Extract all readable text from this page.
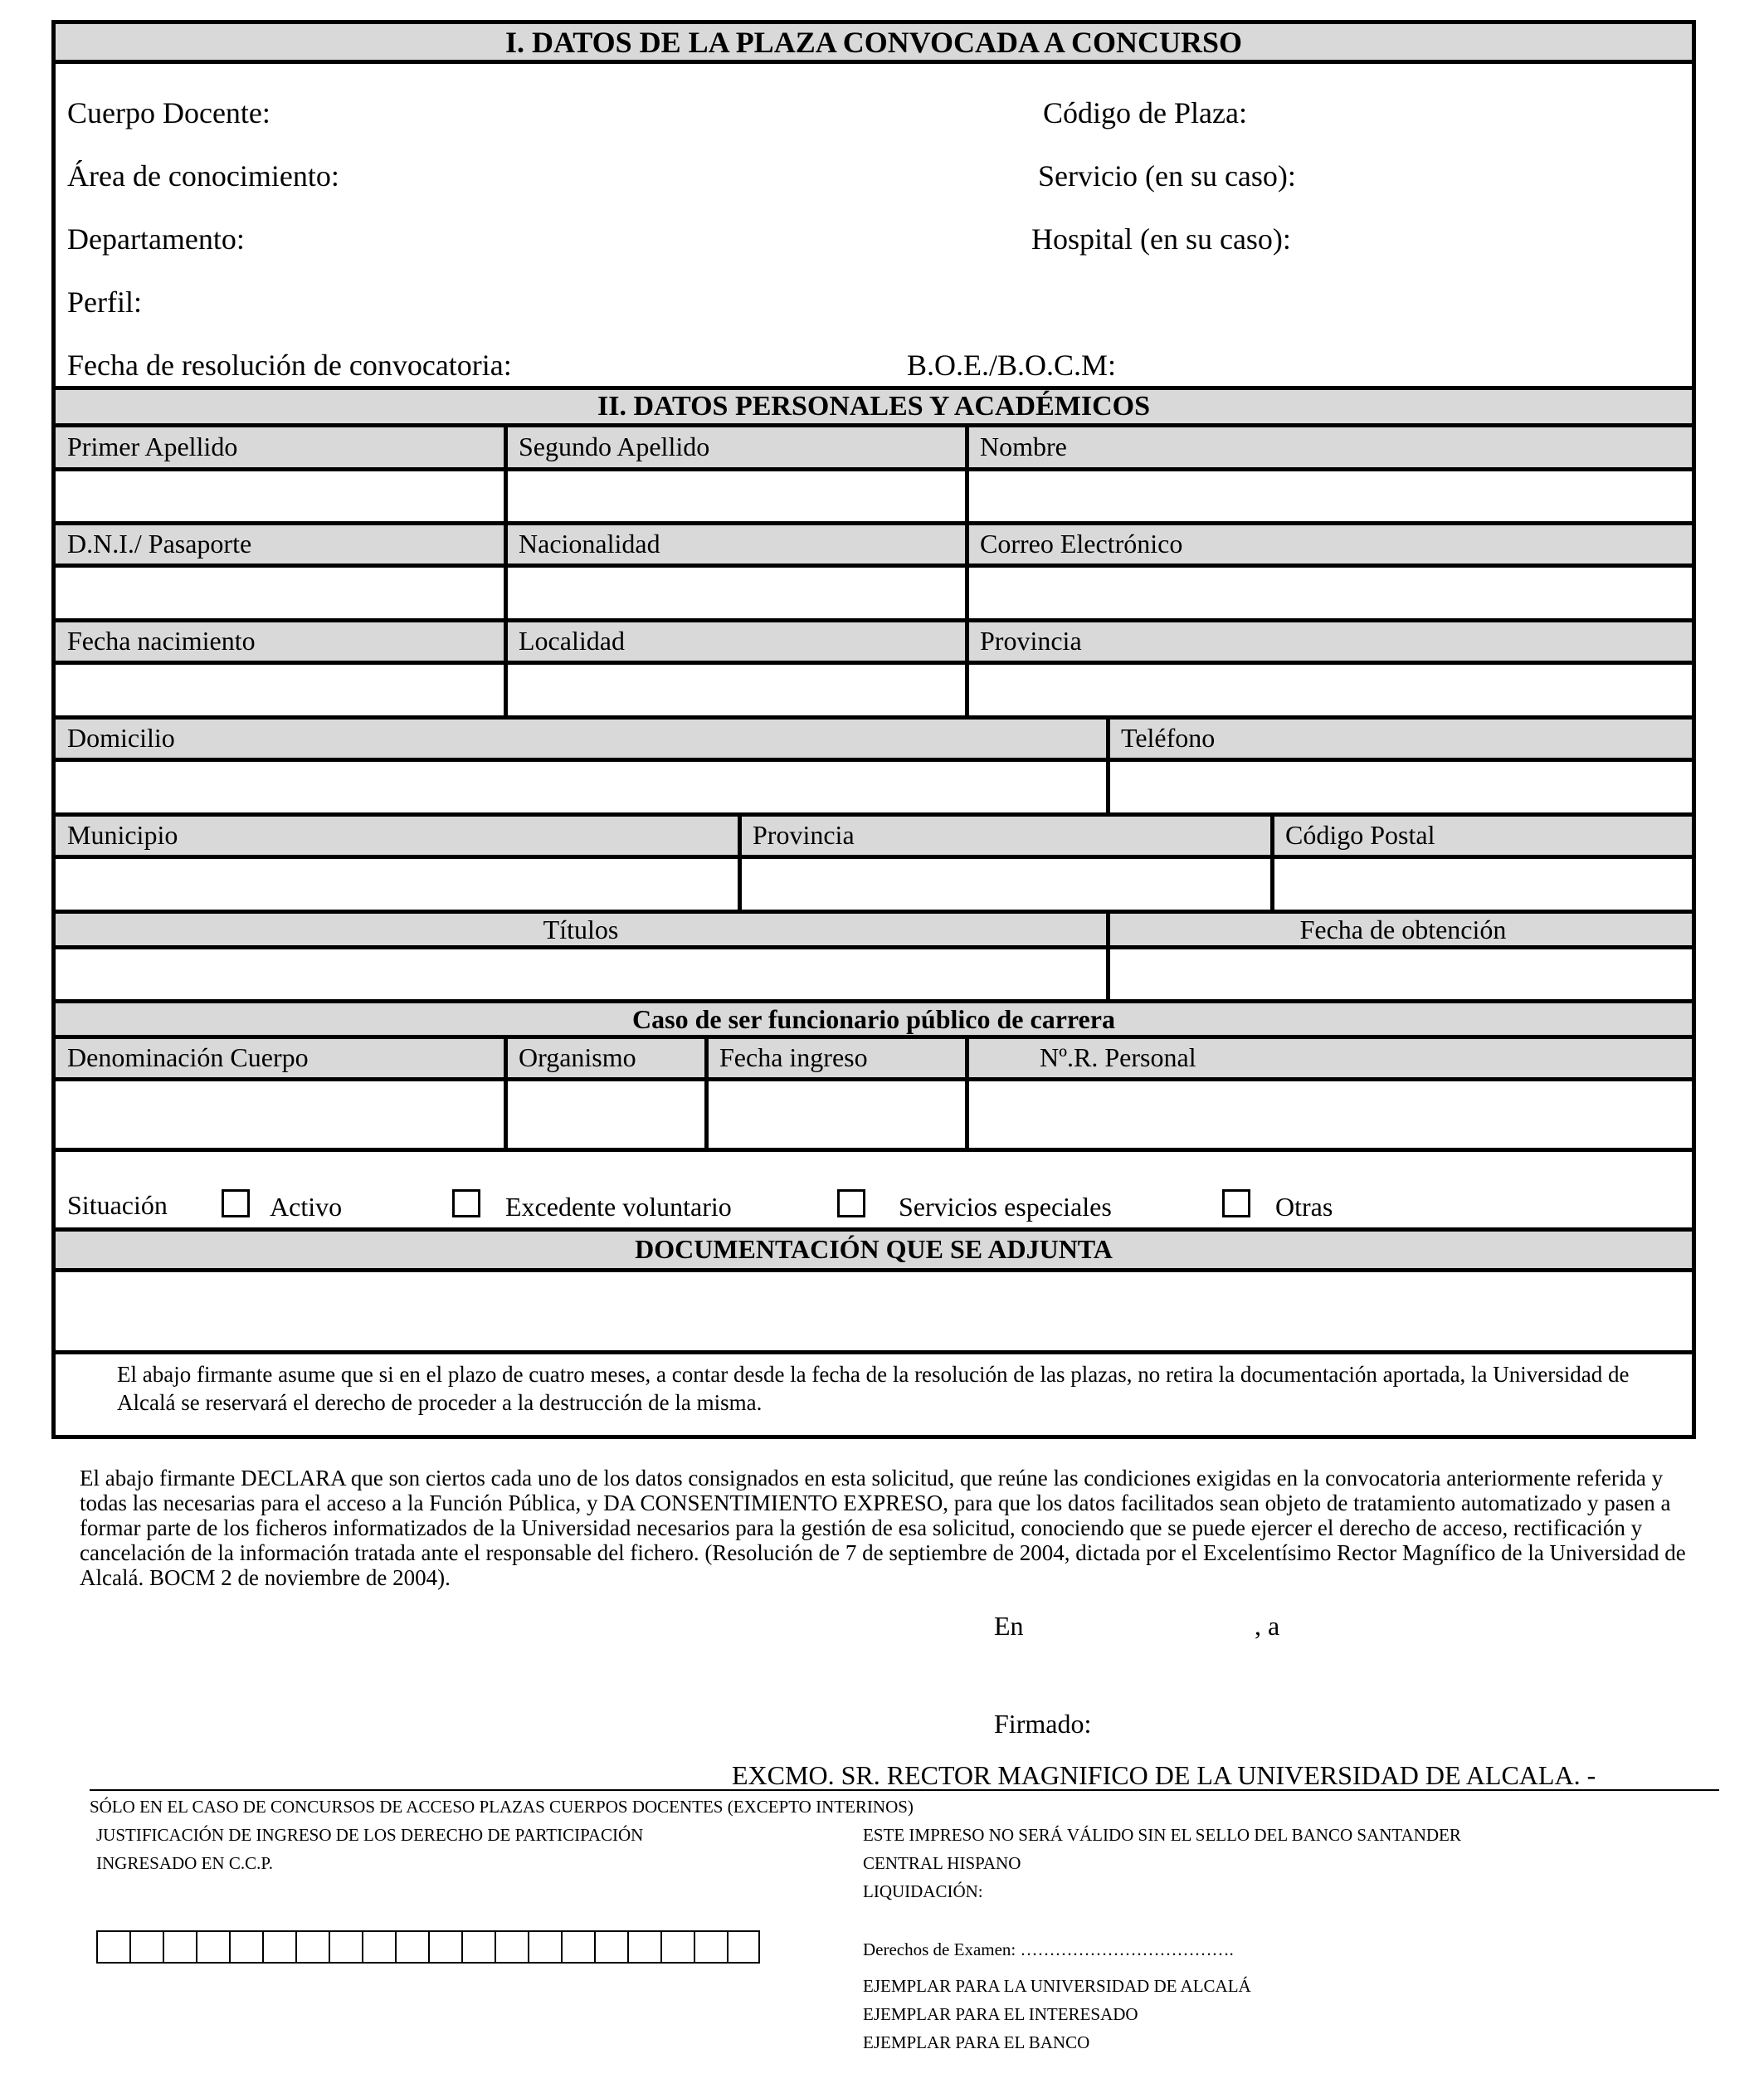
I. DATOS DE LA PLAZA CONVOCADA A CONCURSO
Cuerpo Docente:	Código de Plaza:
Área de conocimiento:	Servicio (en su caso):
Departamento:	Hospital (en su caso):
Perfil:
Fecha de resolución de convocatoria:	B.O.E./B.O.C.M:
II. DATOS PERSONALES Y ACADÉMICOS
Primer Apellido	Segundo Apellido	Nombre
D.N.I./ Pasaporte	Nacionalidad	Correo Electrónico
Fecha nacimiento	Localidad	Provincia
Domicilio	Teléfono
Municipio	Provincia	Código Postal
Títulos	Fecha de obtención
Caso de ser funcionario público de carrera
Denominación Cuerpo	Organismo	Fecha ingreso	Nº.R. Personal
Situación	Activo	Excedente voluntario	Servicios especiales	Otras
DOCUMENTACIÓN QUE SE ADJUNTA
El abajo firmante asume que si en el plazo de cuatro meses, a contar desde la fecha de la resolución de las plazas, no retira la documentación aportada, la Universidad de Alcalá se reservará el derecho de proceder a la destrucción de la misma.
El abajo firmante DECLARA que son ciertos cada uno de los datos consignados en esta solicitud, que reúne las condiciones exigidas en la convocatoria anteriormente referida y todas las necesarias para el acceso a la Función Pública, y DA CONSENTIMIENTO EXPRESO, para que los datos facilitados sean objeto de tratamiento automatizado y pasen a formar parte de los ficheros informatizados de la Universidad necesarios para la gestión de esa solicitud, conociendo que se puede ejercer el derecho de acceso, rectificación y cancelación de la información tratada ante el responsable del fichero. (Resolución de 7 de septiembre de 2004, dictada por el Excelentísimo Rector Magnífico de la Universidad de Alcalá. BOCM 2 de noviembre de 2004).
En	, a
Firmado:
EXCMO. SR. RECTOR MAGNIFICO DE LA UNIVERSIDAD DE ALCALA. -
SÓLO EN EL CASO DE CONCURSOS DE ACCESO PLAZAS CUERPOS DOCENTES (EXCEPTO INTERINOS)
JUSTIFICACIÓN DE INGRESO DE LOS DERECHO DE PARTICIPACIÓN
INGRESADO EN C.C.P.
ESTE IMPRESO NO SERÁ VÁLIDO SIN EL SELLO DEL BANCO SANTANDER
CENTRAL HISPANO
LIQUIDACIÓN:
Derechos de Examen: ……………………………….
EJEMPLAR PARA LA UNIVERSIDAD DE ALCALÁ
EJEMPLAR PARA EL INTERESADO
EJEMPLAR PARA EL BANCO
